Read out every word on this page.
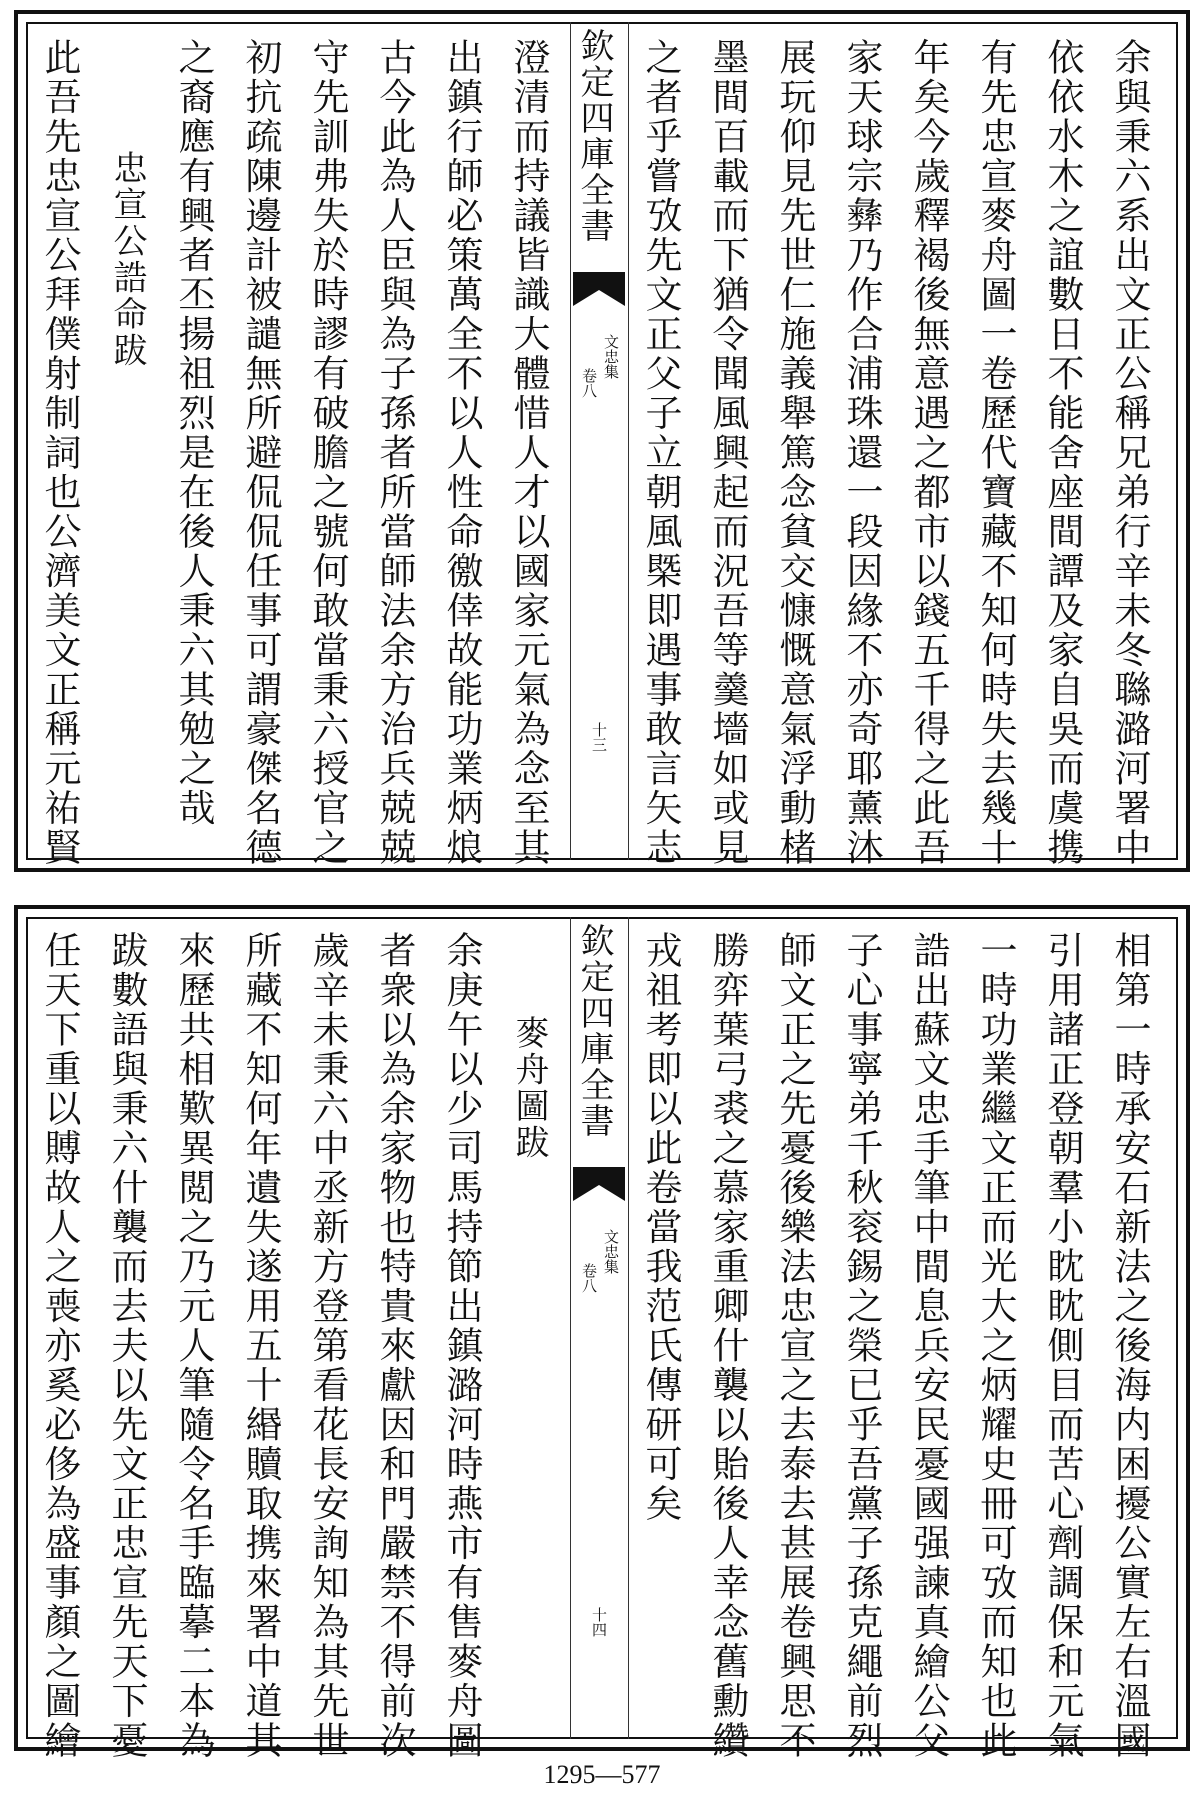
余與秉六系出文正公稱兄弟行辛未冬䏈潞河署中
依依水木之誼數日不能舍座間譚及家自吳而虞携
有先忠宣麥舟圖一卷歷代寶藏不知何時失去幾十
年矣今歲釋褐後無意遇之都市以錢五千得之此吾
家天球宗彝乃作合浦珠還一段因緣不亦奇耶薰沐
展玩仰見先世仁施義舉篤念貧交慷慨意氣浮動楮
墨間百載而下猶令聞風興起而況吾等羹墻如或見
之者乎嘗攷先文正父子立朝風槩即遇事敢言矢志
欽定四庫全書
文忠集
卷八
十三
澄清而持議皆識大體惜人才以國家元氣為念至其
出鎮行師必策萬全不以人性命徼倖故能功業炳烺
古今此為人臣與為子孫者所當師法余方治兵兢兢
守先訓弗失於時謬有破膽之號何敢當秉六授官之
初抗疏陳邊計被譴無所避侃侃任事可謂豪傑名德
之裔應有興者丕揚祖烈是在後人秉六其勉之哉
忠宣公誥命跋
此吾先忠宣公拜僕射制詞也公濟美文正稱元祐賢
相第一時承安石新法之後海内困擾公實左右溫國
引用諸正登朝羣小眈眈側目而苦心劑調保和元氣
一時功業繼文正而光大之炳耀史冊可攷而知也此
誥出蘇文忠手筆中間息兵安民憂國强諫真繪公父
子心事寧弟千秋衮錫之榮已乎吾黨子孫克繩前烈
師文正之先憂後樂法忠宣之去泰去甚展卷興思不
勝弈葉弓裘之慕家重卿什襲以貽後人幸念舊勳纘
戎祖考即以此卷當我范氏傳研可矣
欽定四庫全書
文忠集
卷八
十四
麥舟圖跋
余庚午以少司馬持節出鎮潞河時燕市有售麥舟圖
者衆以為余家物也特貴來獻因和門嚴禁不得前次
歲辛未秉六中丞新方登第看花長安詢知為其先世
所藏不知何年遺失遂用五十緡贖取携來署中道其
來歷共相歎異閲之乃元人筆隨令名手臨摹二本為
跋數語與秉六什襲而去夫以先文正忠宣先天下憂
任天下重以賻故人之喪亦奚必侈為盛事顏之圖繪
1295—577
